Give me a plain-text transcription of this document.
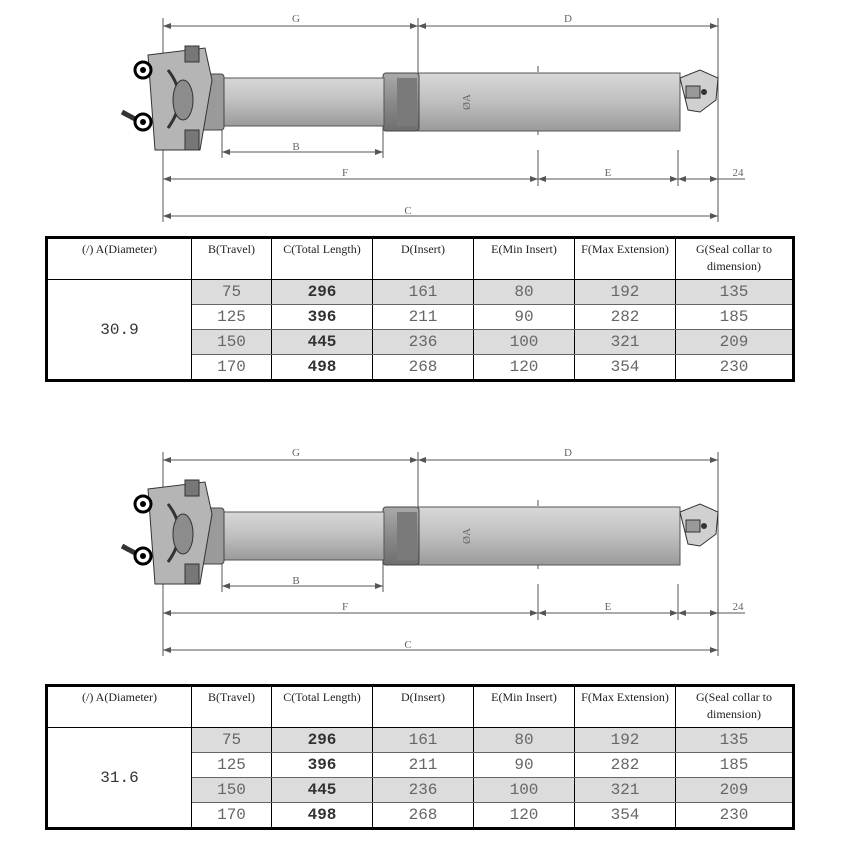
G	D
ØA
B
F	E	24
C
(/) A(Diameter)	B(Travel)	C(Total Length)	D(Insert)	E(Min Insert)	F(Max Extension)	G(Seal collar to dimension)
30.9	75	296	161	80	192	135
	125	396	211	90	282	185
	150	445	236	100	321	209
	170	498	268	120	354	230
G	D
ØA
B
F	E	24
C
(/) A(Diameter)	B(Travel)	C(Total Length)	D(Insert)	E(Min Insert)	F(Max Extension)	G(Seal collar to dimension)
31.6	75	296	161	80	192	135
	125	396	211	90	282	185
	150	445	236	100	321	209
	170	498	268	120	354	230
